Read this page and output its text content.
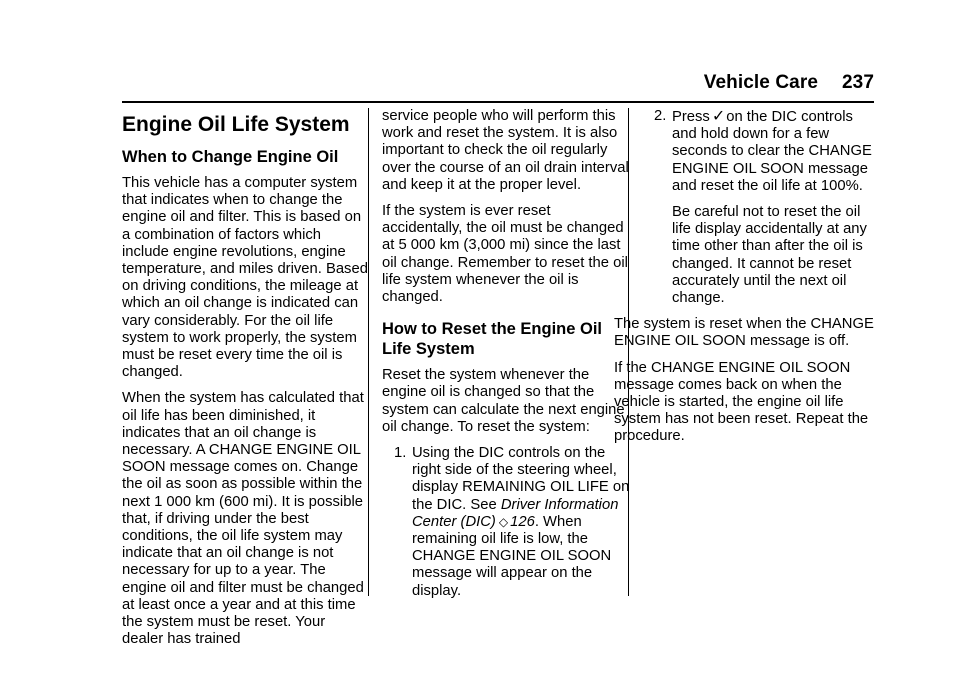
Vehicle Care 237
Engine Oil Life System
When to Change Engine Oil

This vehicle has a computer system that indicates when to change the engine oil and filter. This is based on a combination of factors which include engine revolutions, engine temperature, and miles driven. Based on driving conditions, the mileage at which an oil change is indicated can vary considerably. For the oil life system to work properly, the system must be reset every time the oil is changed.

When the system has calculated that oil life has been diminished, it indicates that an oil change is necessary. A CHANGE ENGINE OIL SOON message comes on. Change the oil as soon as possible within the next 1 000 km (600 mi). It is possible that, if driving under the best conditions, the oil life system may indicate that an oil change is not necessary for up to a year. The engine oil and filter must be changed at least once a year and at this time the system must be reset. Your dealer has trained

service people who will perform this work and reset the system. It is also important to check the oil regularly over the course of an oil drain interval and keep it at the proper level.

If the system is ever reset accidentally, the oil must be changed at 5 000 km (3,000 mi) since the last oil change. Remember to reset the oil life system whenever the oil is changed.

How to Reset the Engine Oil Life System

Reset the system whenever the engine oil is changed so that the system can calculate the next engine oil change. To reset the system:

1. Using the DIC controls on the right side of the steering wheel, display REMAINING OIL LIFE on the DIC. See Driver Information Center (DIC) ◇ 126. When remaining oil life is low, the CHANGE ENGINE OIL SOON message will appear on the display.
2. Press ✓on the DIC controls and hold down for a few seconds to clear the CHANGE ENGINE OIL SOON message and reset the oil life at 100%.

Be careful not to reset the oil life display accidentally at any time other than after the oil is changed. It cannot be reset accurately until the next oil change.

The system is reset when the CHANGE ENGINE OIL SOON message is off.

If the CHANGE ENGINE OIL SOON message comes back on when the vehicle is started, the engine oil life system has not been reset. Repeat the procedure.
